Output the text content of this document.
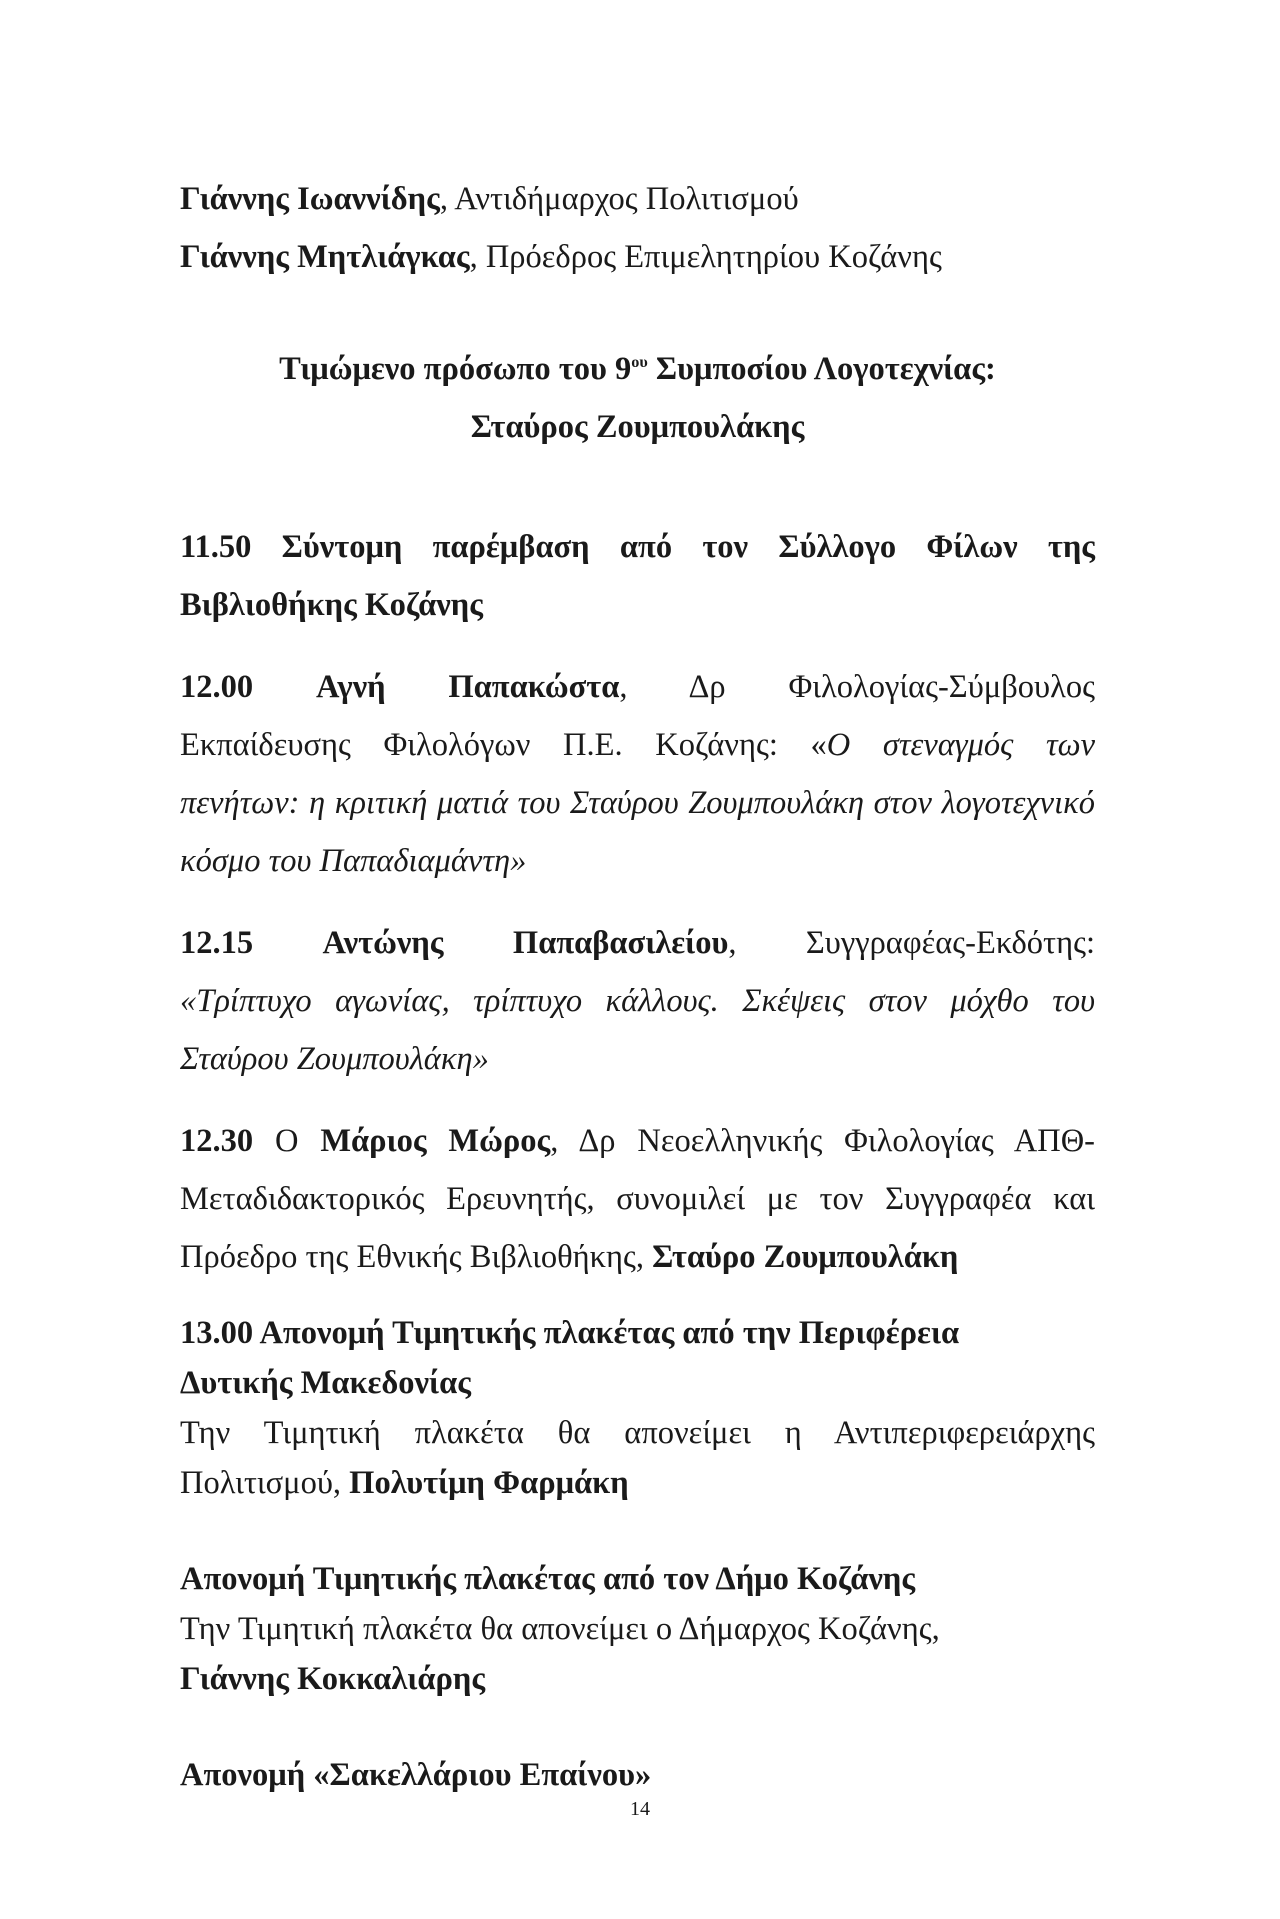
Γιάννης Ιωαννίδης, Αντιδήμαρχος Πολιτισμού
Γιάννης Μητλιάγκας, Πρόεδρος Επιμελητηρίου Κοζάνης
Τιμώμενο πρόσωπο του $9^{o\upsilon}$ Συμποσίου Λογοτεχνίας:
Σταύρος Ζουμπουλάκης
11.50 Σύντομη παρέμβαση από τον Σύλλογο Φίλων της
Βιβλιοθήκης Κοζάνης
12.00 Αγνή Παπακώστα, Δρ Φιλολογίας-Σύμβουλος
Εκπαίδευσης Φιλολόγων Π.Ε. Κοζάνης: «Ο στεναγμός των
πενήτων: η κριτική ματιά του Σταύρου Ζουμπουλάκη στον λογοτεχνικό
κόσμο του Παπαδιαμάντη»
12.15 Αντώνης Παπαβασιλείου, Συγγραφέας-Εκδότης:
«Τρίπτυχο αγωνίας, τρίπτυχο κάλλους. Σκέψεις στον μόχθο του
Σταύρου Ζουμπουλάκη»
12.30 Ο Μάριος Μώρος, Δρ Νεοελληνικής Φιλολογίας ΑΠΘ-
Μεταδιδακτορικός Ερευνητής, συνομιλεί με τον Συγγραφέα και
Πρόεδρο της Εθνικής Βιβλιοθήκης, Σταύρο Ζουμπουλάκη
13.00 Απονομή Τιμητικής πλακέτας από την Περιφέρεια
Δυτικής Μακεδονίας
Την Τιμητική πλακέτα θα απονείμει η Αντιπεριφερειάρχης
Πολιτισμού, Πολυτίμη Φαρμάκη
Απονομή Τιμητικής πλακέτας από τον Δήμο Κοζάνης
Την Τιμητική πλακέτα θα απονείμει ο Δήμαρχος Κοζάνης,
Γιάννης Κοκκαλιάρης
Απονομή «Σακελλάριου Επαίνου»
14
